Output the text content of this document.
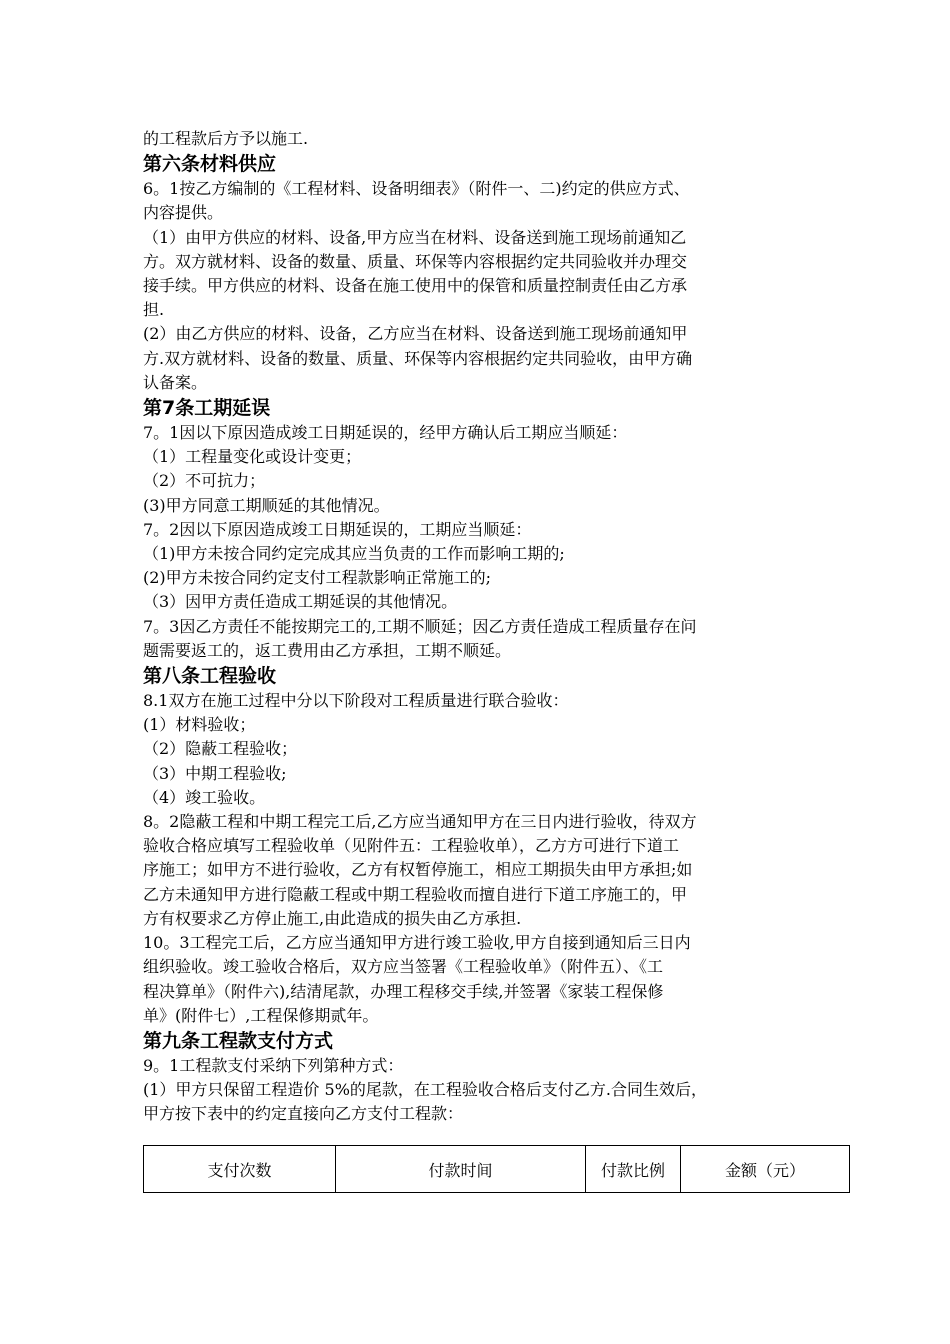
的工程款后方予以施工.
第六条材料供应
6。1按乙方编制的《工程材料、设备明细表》（附件一、二)约定的供应方式、
内容提供。
（1）由甲方供应的材料、设备,甲方应当在材料、设备送到施工现场前通知乙
方。双方就材料、设备的数量、质量、环保等内容根据约定共同验收并办理交
接手续。甲方供应的材料、设备在施工使用中的保管和质量控制责任由乙方承
担.
(2）由乙方供应的材料、设备，乙方应当在材料、设备送到施工现场前通知甲
方.双方就材料、设备的数量、质量、环保等内容根据约定共同验收，由甲方确
认备案。
第7条工期延误
7。1因以下原因造成竣工日期延误的，经甲方确认后工期应当顺延：
（1）工程量变化或设计变更；
（2）不可抗力；
(3)甲方同意工期顺延的其他情况。
7。2因以下原因造成竣工日期延误的，工期应当顺延：
（1)甲方未按合同约定完成其应当负责的工作而影响工期的;
(2)甲方未按合同约定支付工程款影响正常施工的;
（3）因甲方责任造成工期延误的其他情况。
7。3因乙方责任不能按期完工的,工期不顺延；因乙方责任造成工程质量存在问
题需要返工的，返工费用由乙方承担，工期不顺延。
第八条工程验收
8.1双方在施工过程中分以下阶段对工程质量进行联合验收：
(1）材料验收；
（2）隐蔽工程验收；
（3）中期工程验收;
（4）竣工验收。
8。2隐蔽工程和中期工程完工后,乙方应当通知甲方在三日内进行验收，待双方
验收合格应填写工程验收单（见附件五：工程验收单），乙方方可进行下道工
序施工；如甲方不进行验收，乙方有权暂停施工，相应工期损失由甲方承担;如
乙方未通知甲方进行隐蔽工程或中期工程验收而擅自进行下道工序施工的，甲
方有权要求乙方停止施工,由此造成的损失由乙方承担.
10。3工程完工后，乙方应当通知甲方进行竣工验收,甲方自接到通知后三日内
组织验收。竣工验收合格后，双方应当签署《工程验收单》（附件五）、《工
程决算单》（附件六),结清尾款，办理工程移交手续,并签署《家装工程保修
单》(附件七）,工程保修期贰年。
第九条工程款支付方式
9。1工程款支付采纳下列第种方式：
(1）甲方只保留工程造价 5%的尾款，在工程验收合格后支付乙方.合同生效后，
甲方按下表中的约定直接向乙方支付工程款：
支付次数	付款时间	付款比例	金额（元）
